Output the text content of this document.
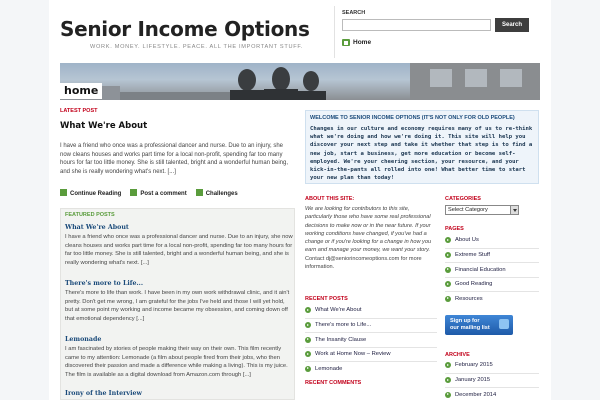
Senior Income Options
WORK. MONEY. LIFESTYLE. PEACE. ALL THE IMPORTANT STUFF.
SEARCH
Search
Home
home
LATEST POST
What We're About
I have a friend who once was a professional dancer and nurse. Due to an injury, she now cleans houses and works part time for a local non-profit, spending far too many hours for far too little money. She is still talented, bright and a wonderful human being, and she is really wondering what's next. [...]
Continue Reading	Post a comment	Challenges
FEATURED POSTS
What We're About
I have a friend who once was a professional dancer and nurse. Due to an injury, she now cleans houses and works part time for a local non-profit, spending far too many hours for far too little money. She is still talented, bright and a wonderful human being, and she is really wondering what's next. [...]
There's more to Life...
There's more to life than work. I have been in my own work withdrawal clinic, and it ain't pretty. Don't get me wrong, I am grateful for the jobs I've held and those I will yet hold, but at some point my working and income became my obsession, and coming down off that emotional dependency [...]
Lemonade
I am fascinated by stories of people making their way on their own. This film recently came to my attention: Lemonade (a film about people fired from their jobs, who then discovered their passion and made a difference while making a living). This is my juice. The film is available as a digital download from Amazon.com through [...]
Irony of the Interview
WELCOME TO SENIOR INCOME OPTIONS (IT'S NOT ONLY FOR OLD PEOPLE)
Changes in our culture and economy requires many of us to re-think what we're doing and how we're doing it. This site will help you discover your next step and take it whether that step is to find a new job, start a business, get more education or become self-employed. We're your cheering section, your resource, and your kick-in-the-pants all rolled into one! What better time to start your new plan than today!
ABOUT THIS SITE:
We are looking for contributors to this site, particularly those who have some real professional decisions to make now or in the near future. If your working conditions have changed, if you've had a change or if you're looking for a change in how you earn and manage your money, we want your story. Contact dj@seniorincomeoptions.com for more information.
RECENT POSTS
What We're About
There's more to Life...
The Insanity Clause
Work at Home Now – Review
Lemonade
RECENT COMMENTS
CATEGORIES
Select Category
PAGES
About Us
Extreme Stuff
Financial Education
Good Reading
Resources
Sign up for
our mailing list
ARCHIVE
February 2015
January 2015
December 2014
